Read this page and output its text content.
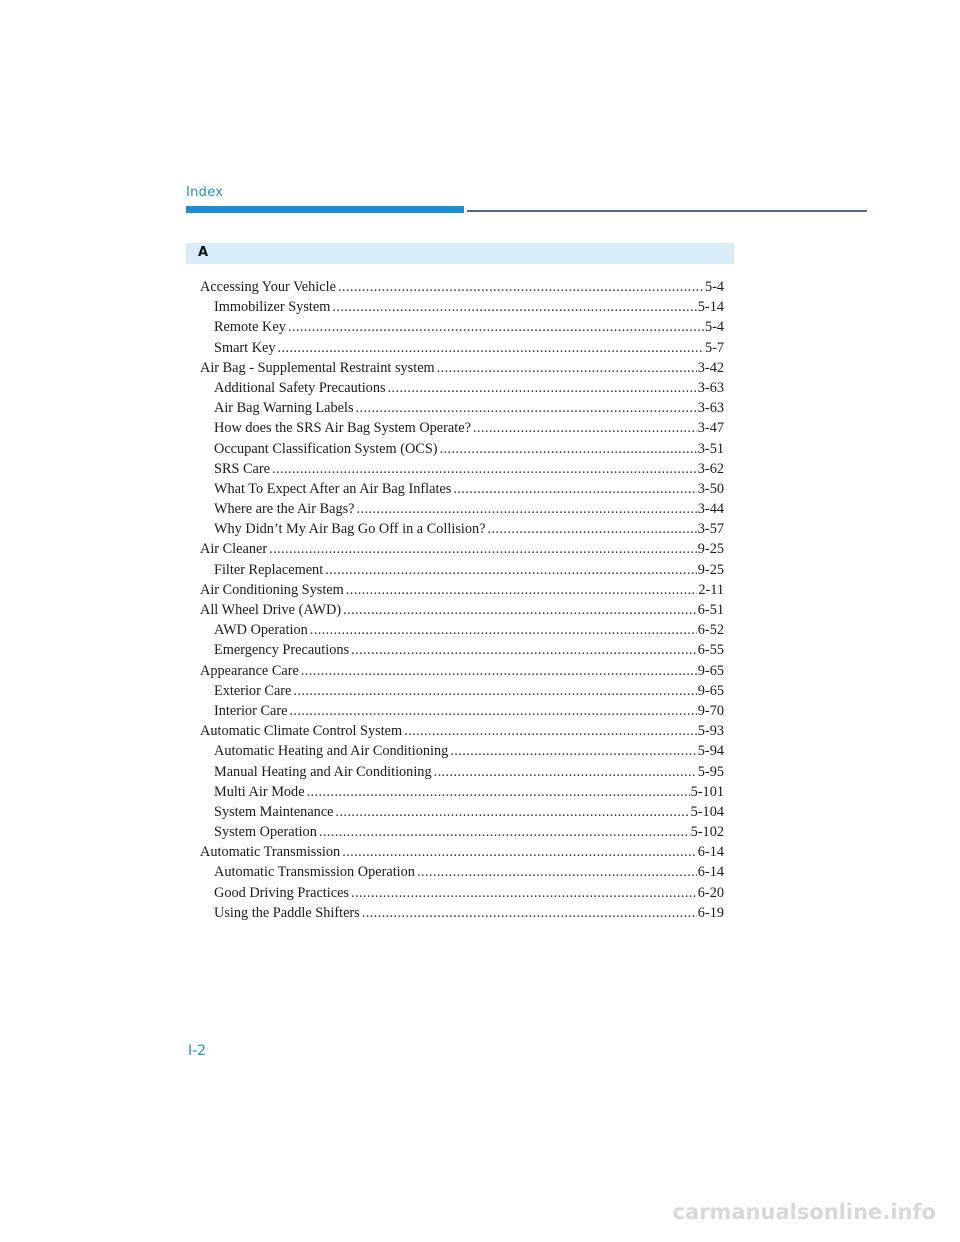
Index
A
Accessing Your Vehicle .....	5-4
Immobilizer System .....	5-14
Remote Key .....	5-4
Smart Key .....	5-7
Air Bag - Supplemental Restraint system .....	3-42
Additional Safety Precautions .....	3-63
Air Bag Warning Labels .....	3-63
How does the SRS Air Bag System Operate? .....	3-47
Occupant Classification System (OCS) .....	3-51
SRS Care .....	3-62
What To Expect After an Air Bag Inflates .....	3-50
Where are the Air Bags? .....	3-44
Why Didn’t My Air Bag Go Off in a Collision? .....	3-57
Air Cleaner .....	9-25
Filter Replacement .....	9-25
Air Conditioning System .....	2-11
All Wheel Drive (AWD) .....	6-51
AWD Operation .....	6-52
Emergency Precautions .....	6-55
Appearance Care .....	9-65
Exterior Care .....	9-65
Interior Care .....	9-70
Automatic Climate Control System .....	5-93
Automatic Heating and Air Conditioning .....	5-94
Manual Heating and Air Conditioning .....	5-95
Multi Air Mode .....	5-101
System Maintenance .....	5-104
System Operation .....	5-102
Automatic Transmission .....	6-14
Automatic Transmission Operation .....	6-14
Good Driving Practices .....	6-20
Using the Paddle Shifters .....	6-19
I-2
carmanualsonline.info
